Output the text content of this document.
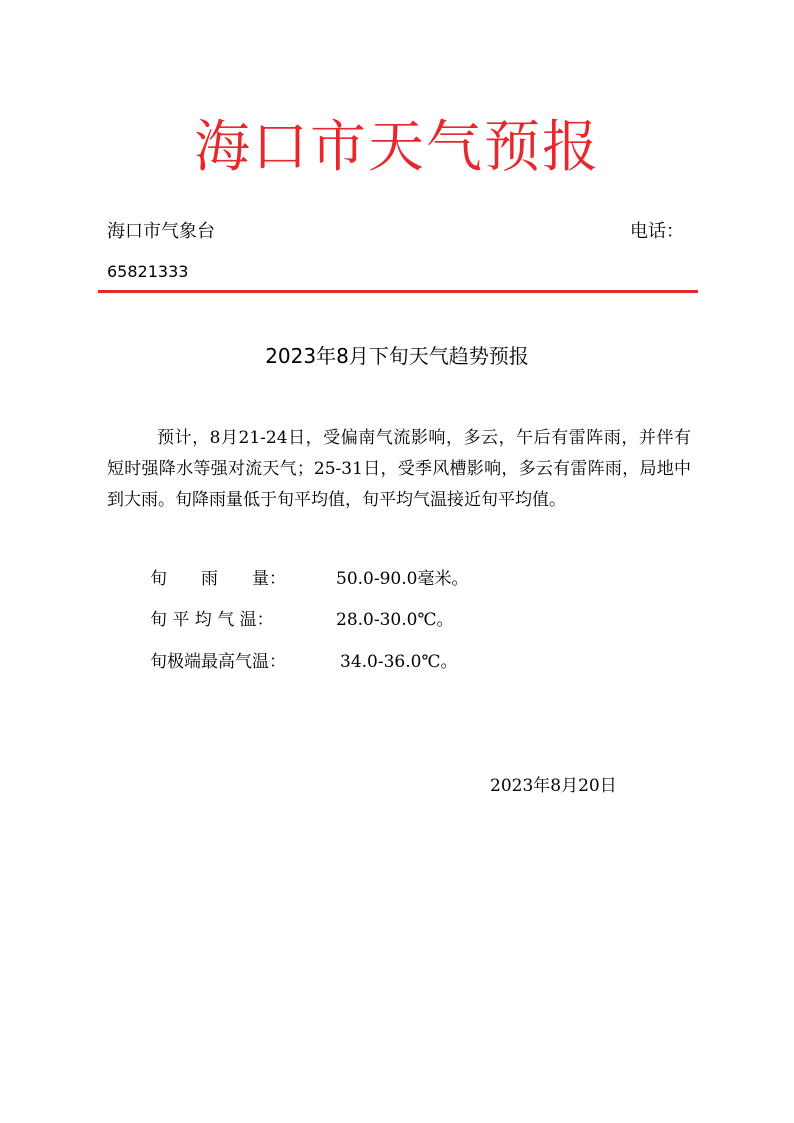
海口市天气预报
海口市气象台	电话：
65821333
2023年8月下旬天气趋势预报

预计，8月21-24日，受偏南气流影响，多云，午后有雷阵雨，并伴有短时强降水等强对流天气；25-31日，受季风槽影响，多云有雷阵雨，局地中到大雨。旬降雨量低于旬平均值，旬平均气温接近旬平均值。

旬　　雨　　量：	50.0-90.0毫米。
旬 平 均 气 温：	28.0-30.0℃。
旬极端最高气温：	34.0-36.0℃。
2023年8月20日
